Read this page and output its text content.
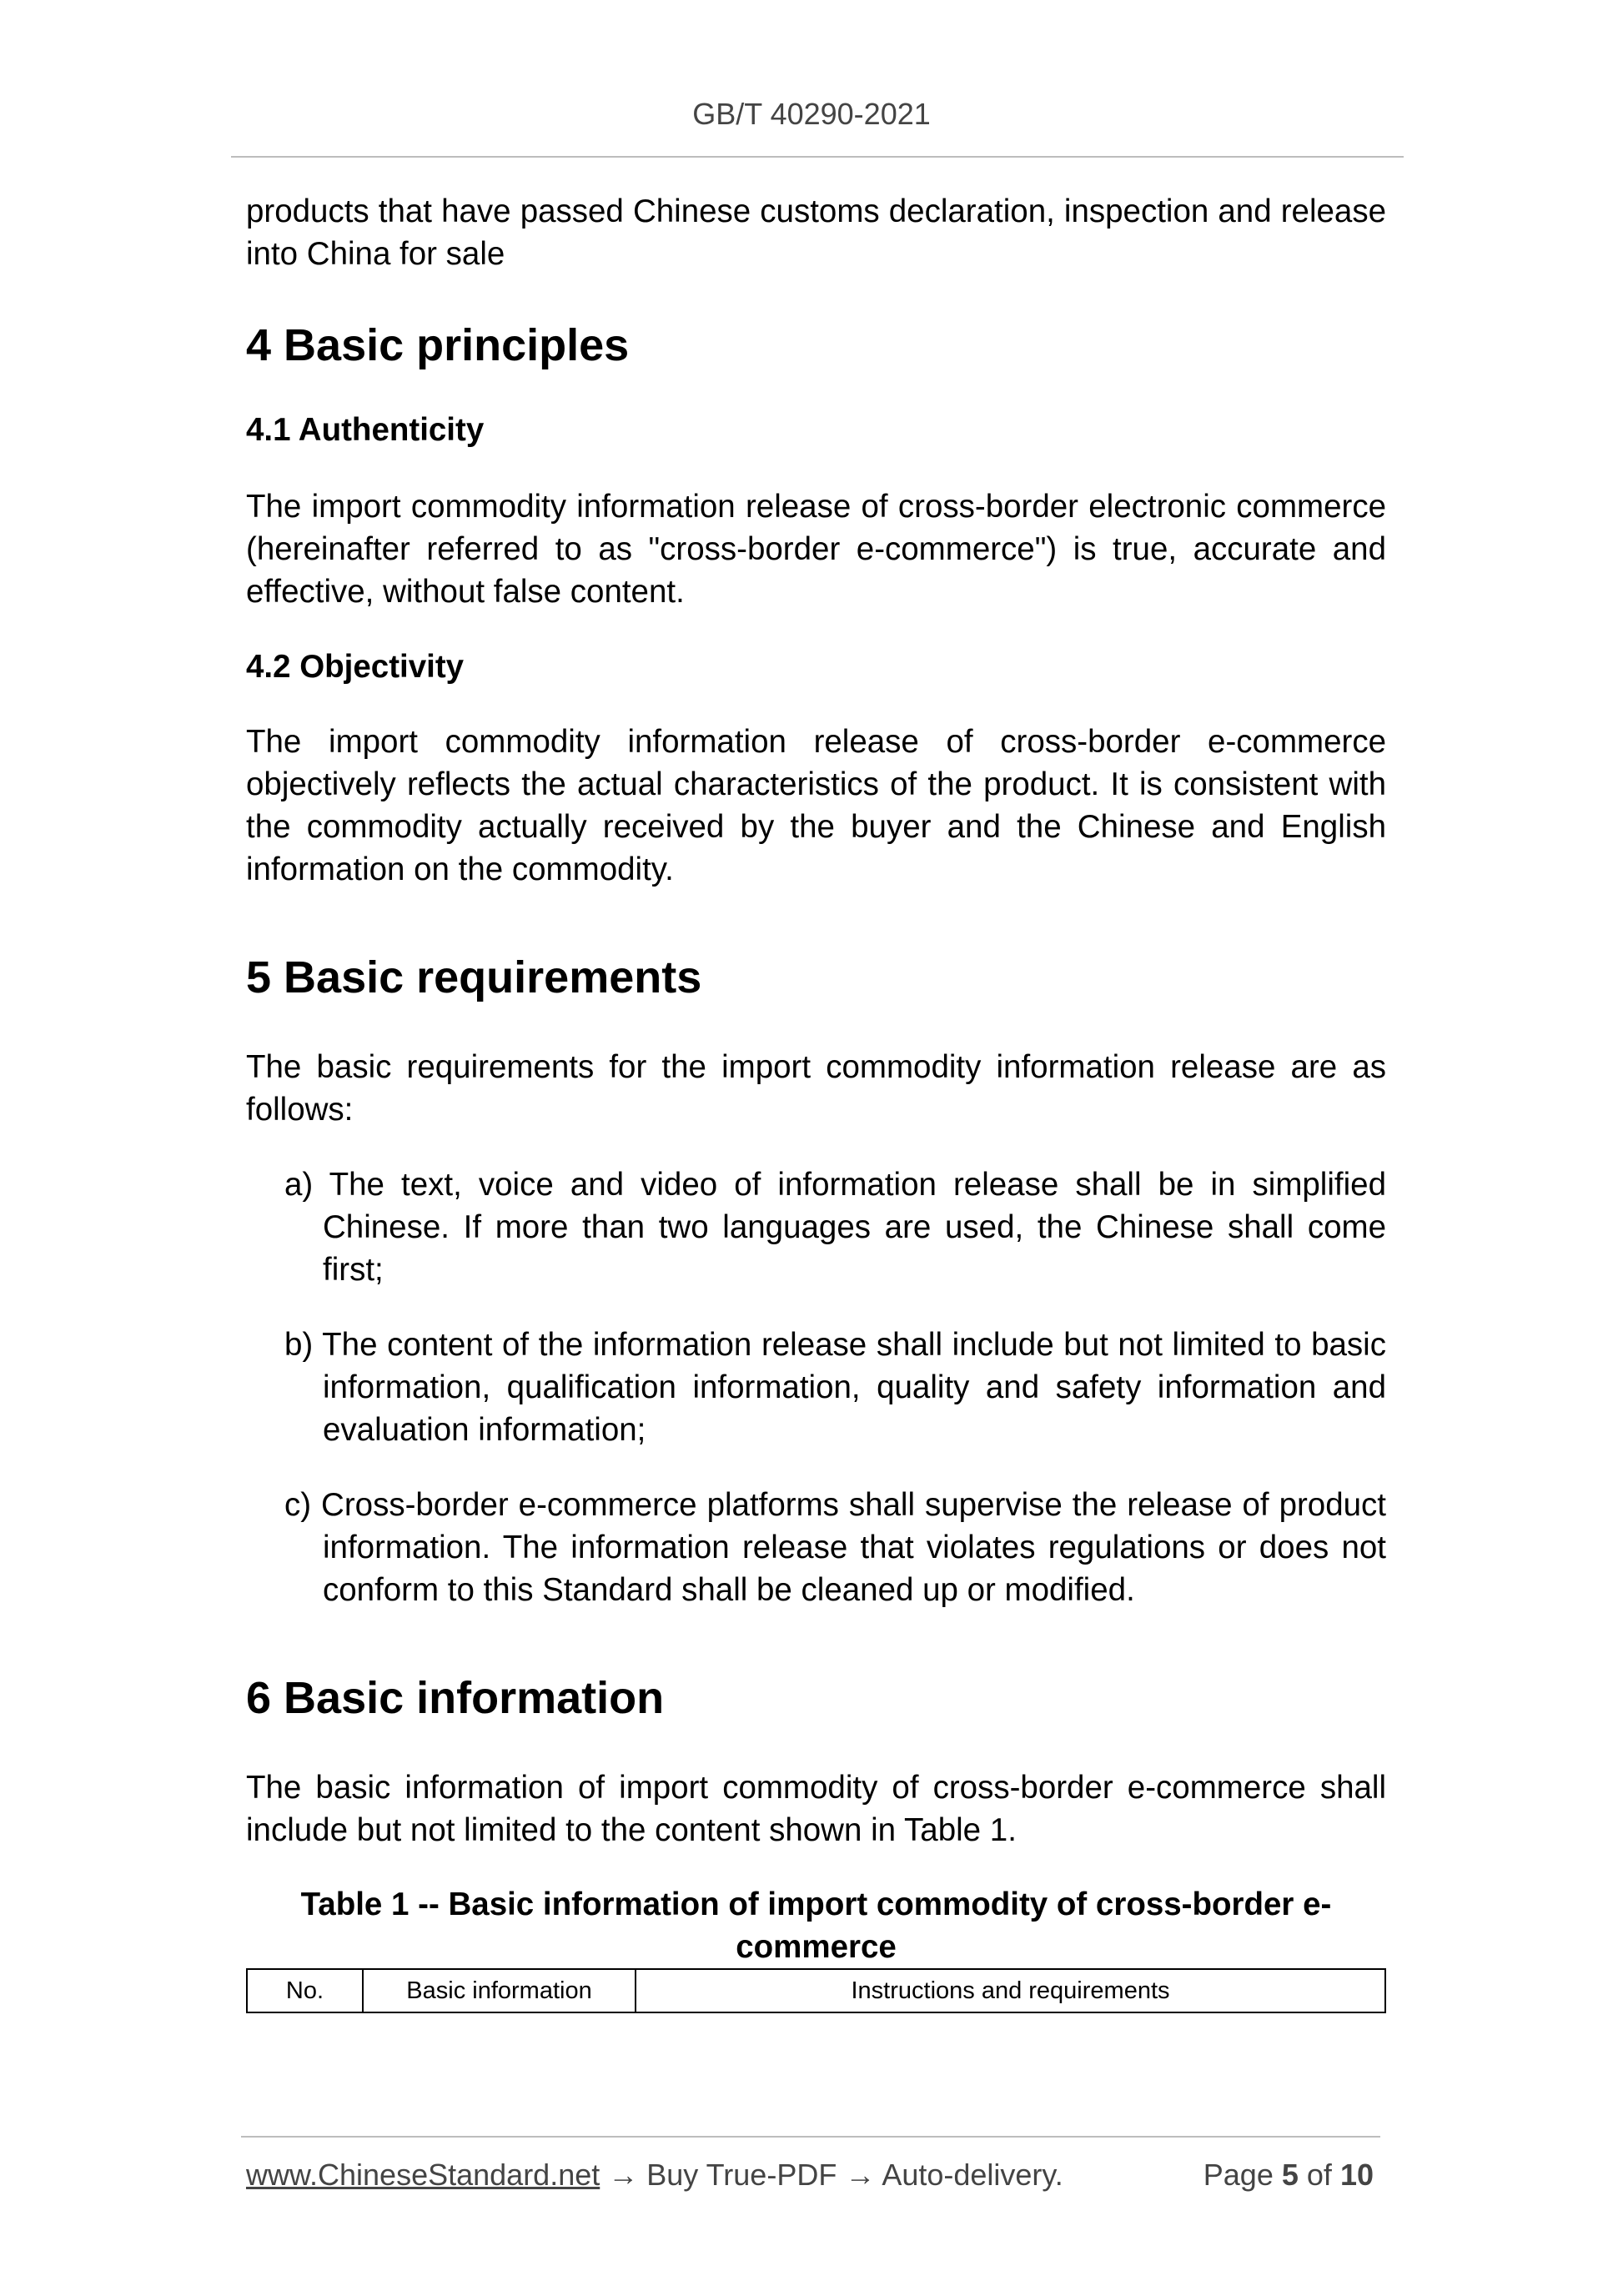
GB/T 40290-2021

products that have passed Chinese customs declaration, inspection and release into China for sale

4 Basic principles
4.1 Authenticity

The import commodity information release of cross-border electronic commerce (hereinafter referred to as "cross-border e-commerce") is true, accurate and effective, without false content.

4.2 Objectivity

The import commodity information release of cross-border e-commerce objectively reflects the actual characteristics of the product. It is consistent with the commodity actually received by the buyer and the Chinese and English information on the commodity.

5 Basic requirements

The basic requirements for the import commodity information release are as follows:

a) The text, voice and video of information release shall be in simplified Chinese. If more than two languages are used, the Chinese shall come first;

b) The content of the information release shall include but not limited to basic information, qualification information, quality and safety information and evaluation information;

c) Cross-border e-commerce platforms shall supervise the release of product information. The information release that violates regulations or does not conform to this Standard shall be cleaned up or modified.

6 Basic information

The basic information of import commodity of cross-border e-commerce shall include but not limited to the content shown in Table 1.

Table 1 -- Basic information of import commodity of cross-border e-commerce
No.	Basic information	Instructions and requirements
www.ChineseStandard.net → Buy True-PDF → Auto-delivery.	Page 5 of 10
